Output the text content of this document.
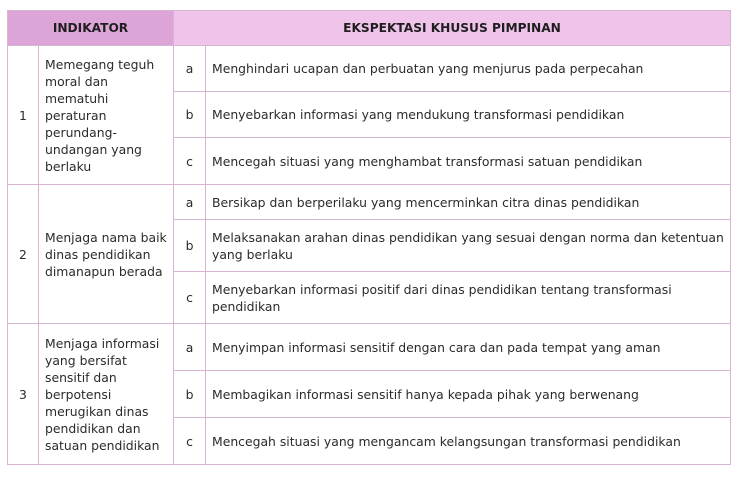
INDIKATOR		EKSPEKTASI KHUSUS PIMPINAN	
1	Memegang teguh moral dan mematuhi peraturan perundang-undangan yang berlaku	a	Menghindari ucapan dan perbuatan yang menjurus pada perpecahan
		b	Menyebarkan informasi yang mendukung transformasi pendidikan
		c	Mencegah situasi yang menghambat transformasi satuan pendidikan
2	Menjaga nama baik dinas pendidikan dimanapun berada	a	Bersikap dan berperilaku yang mencerminkan citra dinas pendidikan
		b	Melaksanakan arahan dinas pendidikan yang sesuai dengan norma dan ketentuan yang berlaku
		c	Menyebarkan informasi positif dari dinas pendidikan tentang transformasi pendidikan
3	Menjaga informasi yang bersifat sensitif dan berpotensi merugikan dinas pendidikan dan satuan pendidikan	a	Menyimpan informasi sensitif dengan cara dan pada tempat yang aman
		b	Membagikan informasi sensitif hanya kepada pihak yang berwenang
		c	Mencegah situasi yang mengancam kelangsungan transformasi pendidikan
